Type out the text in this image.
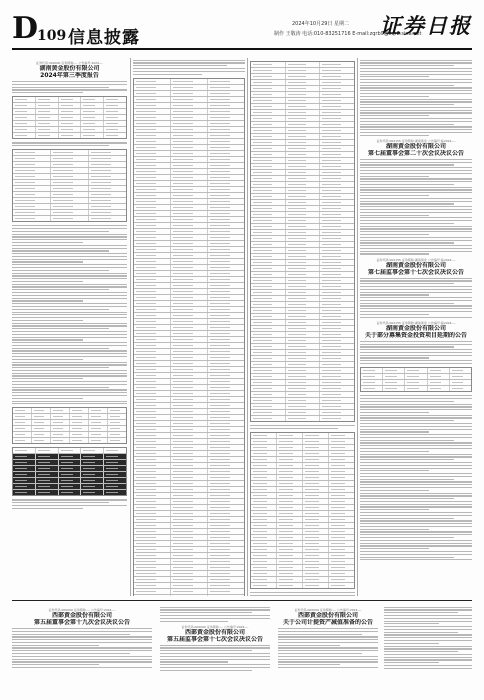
D
109 信息披露
2024年10月29日 星期二
制作 王敬涛 电话:010-83251716 E-mail:zqrb9@zqrb.sina.net
证券日报
证券代码:000000 证券简称:— 公告编号:2024-—
湖南黄金股份有限公司
2024年第三季度报告
证券代码:002155 证券简称:湖南黄金 公告编号:临2024-—
湖南黄金股份有限公司
第七届董事会第二十次会议决议公告
证券代码:002155 证券简称:湖南黄金 公告编号:临2024-—
湖南黄金股份有限公司
第七届监事会第十七次会议决议公告
证券代码:002155 证券简称:湖南黄金 公告编号:临2024-—
湖南黄金股份有限公司
关于部分募集资金投资项目延期的公告
证券代码:000000 证券简称:— 公告编号:2024-—
西部黄金股份有限公司
第五届董事会第十九次会议决议公告
证券代码:000000 证券简称:— 公告编号:2024-—
西部黄金股份有限公司
第五届监事会第十七次会议决议公告
证券代码:000000 证券简称:— 公告编号:2024-—
西部黄金股份有限公司
关于公司计提资产减值准备的公告
